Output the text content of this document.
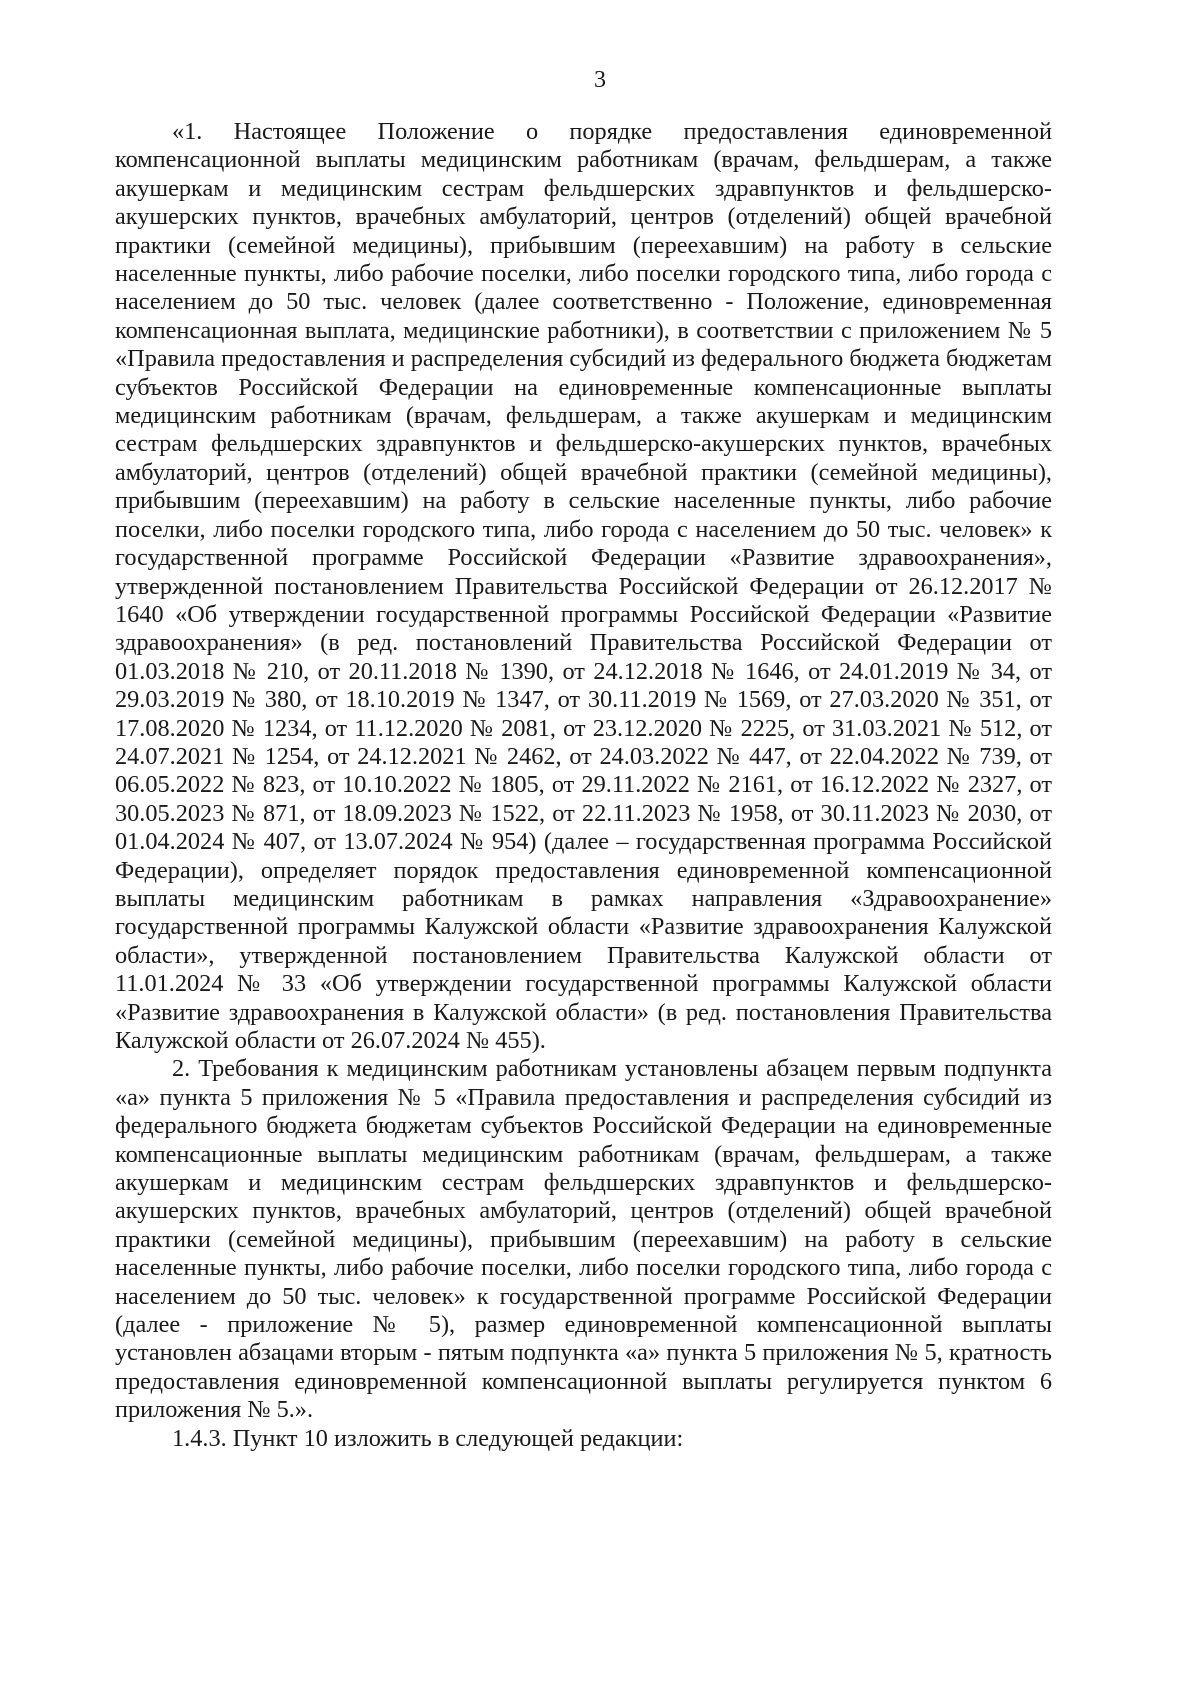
3

«1. Настоящее Положение о порядке предоставления единовременной компенсационной выплаты медицинским работникам (врачам, фельдшерам, а также акушеркам и медицинским сестрам фельдшерских здравпунктов и фельдшерско-акушерских пунктов, врачебных амбулаторий, центров (отделений) общей врачебной практики (семейной медицины), прибывшим (переехавшим) на работу в сельские населенные пункты, либо рабочие поселки, либо поселки городского типа, либо города с населением до 50 тыс. человек (далее соответственно - Положение, единовременная компенсационная выплата, медицинские работники), в соответствии с приложением № 5 «Правила предоставления и распределения субсидий из федерального бюджета бюджетам субъектов Российской Федерации на единовременные компенсационные выплаты медицинским работникам (врачам, фельдшерам, а также акушеркам и медицинским сестрам фельдшерских здравпунктов и фельдшерско-акушерских пунктов, врачебных амбулаторий, центров (отделений) общей врачебной практики (семейной медицины), прибывшим (переехавшим) на работу в сельские населенные пункты, либо рабочие поселки, либо поселки городского типа, либо города с населением до 50 тыс. человек» к государственной программе Российской Федерации «Развитие здравоохранения», утвержденной постановлением Правительства Российской Федерации от 26.12.2017 № 1640 «Об утверждении государственной программы Российской Федерации «Развитие здравоохранения» (в ред. постановлений Правительства Российской Федерации от 01.03.2018 № 210, от 20.11.2018 № 1390, от 24.12.2018 № 1646, от 24.01.2019 № 34, от 29.03.2019 № 380, от 18.10.2019 № 1347, от 30.11.2019 № 1569, от 27.03.2020 № 351, от 17.08.2020 № 1234, от 11.12.2020 № 2081, от 23.12.2020 № 2225, от 31.03.2021 № 512, от 24.07.2021 № 1254, от 24.12.2021 № 2462, от 24.03.2022 № 447, от 22.04.2022 № 739, от 06.05.2022 № 823, от 10.10.2022 № 1805, от 29.11.2022 № 2161, от 16.12.2022 № 2327, от 30.05.2023 № 871, от 18.09.2023 № 1522, от 22.11.2023 № 1958, от 30.11.2023 № 2030, от 01.04.2024 № 407, от 13.07.2024 № 954) (далее – государственная программа Российской Федерации), определяет порядок предоставления единовременной компенсационной выплаты медицинским работникам в рамках направления «Здравоохранение» государственной программы Калужской области «Развитие здравоохранения Калужской области», утвержденной постановлением Правительства Калужской области от 11.01.2024 № 33 «Об утверждении государственной программы Калужской области «Развитие здравоохранения в Калужской области» (в ред. постановления Правительства Калужской области от 26.07.2024 № 455).

2. Требования к медицинским работникам установлены абзацем первым подпункта «а» пункта 5 приложения № 5 «Правила предоставления и распределения субсидий из федерального бюджета бюджетам субъектов Российской Федерации на единовременные компенсационные выплаты медицинским работникам (врачам, фельдшерам, а также акушеркам и медицинским сестрам фельдшерских здравпунктов и фельдшерско-акушерских пунктов, врачебных амбулаторий, центров (отделений) общей врачебной практики (семейной медицины), прибывшим (переехавшим) на работу в сельские населенные пункты, либо рабочие поселки, либо поселки городского типа, либо города с населением до 50 тыс. человек» к государственной программе Российской Федерации (далее - приложение № 5), размер единовременной компенсационной выплаты установлен абзацами вторым - пятым подпункта «а» пункта 5 приложения № 5, кратность предоставления единовременной компенсационной выплаты регулируется пунктом 6 приложения № 5.».

1.4.3. Пункт 10 изложить в следующей редакции:
